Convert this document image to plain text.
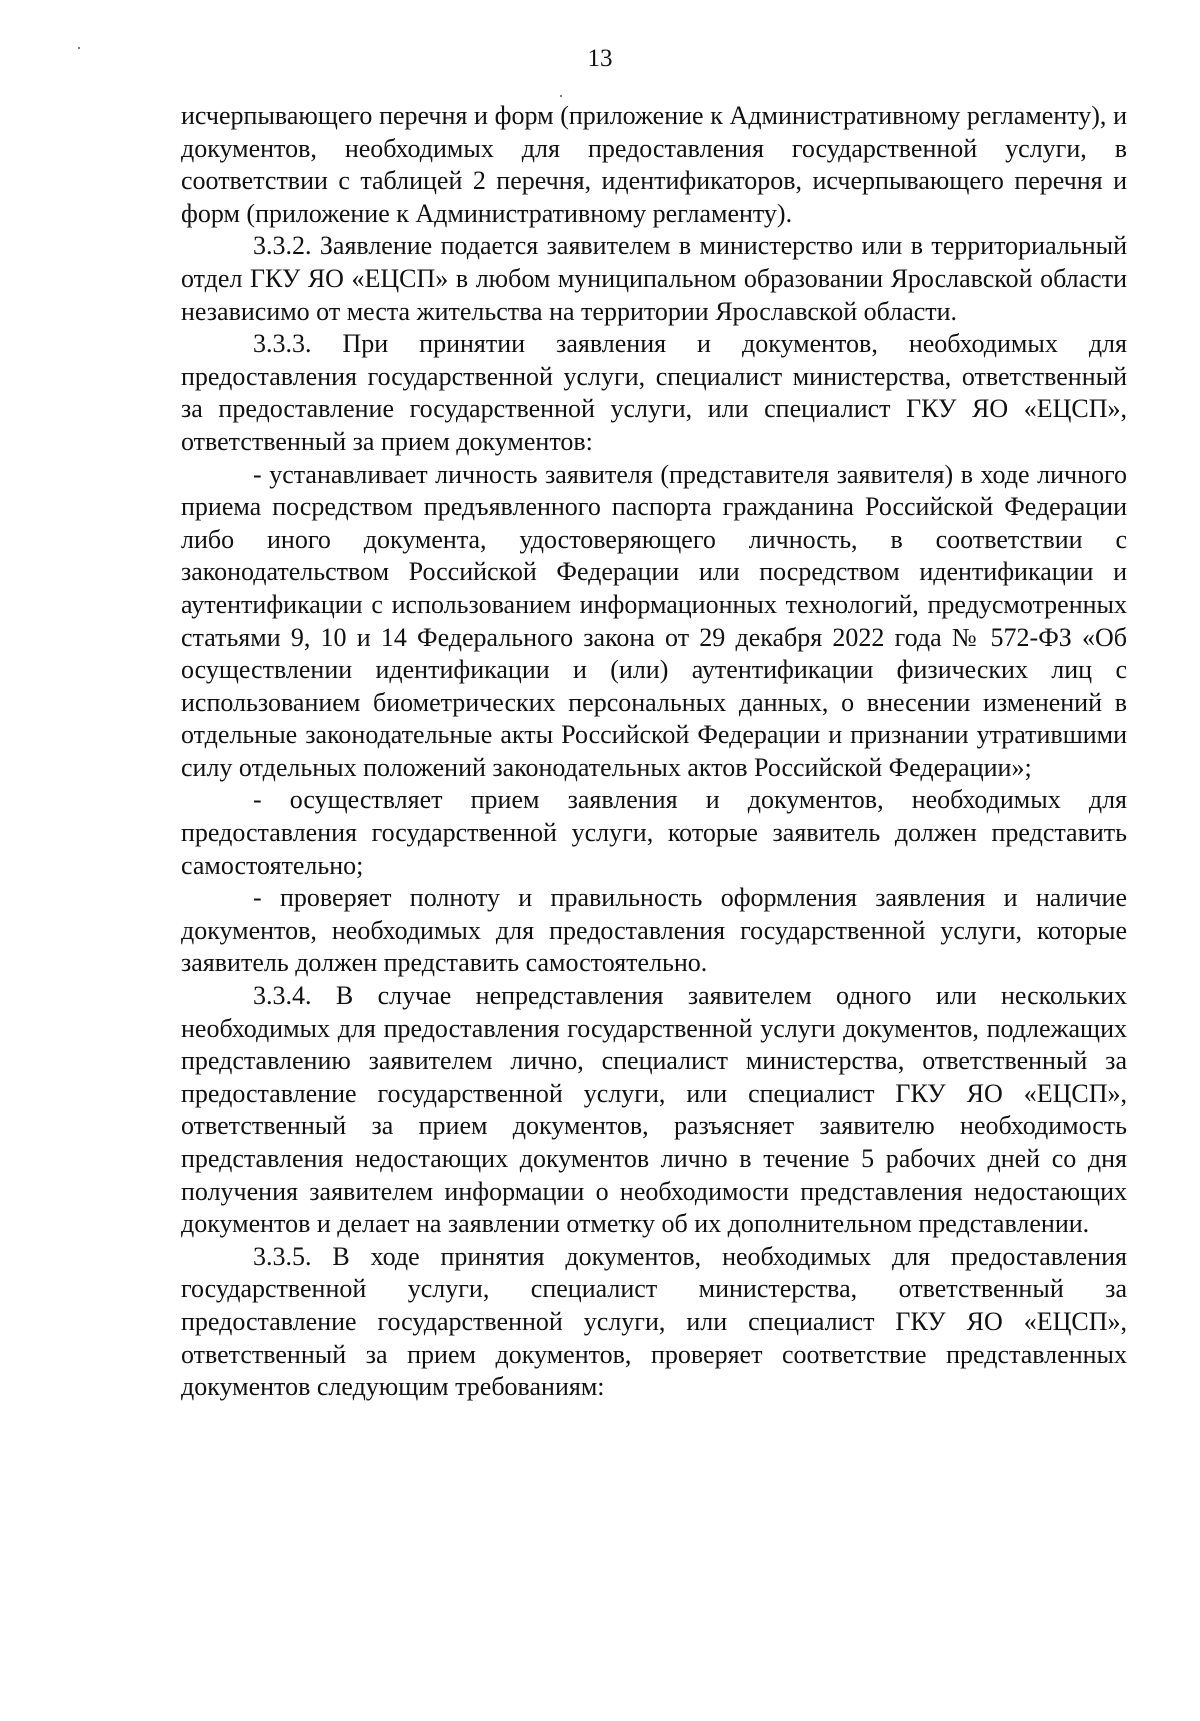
13

исчерпывающего перечня и форм (приложение к Административному регламенту), и документов, необходимых для предоставления государственной услуги, в соответствии с таблицей 2 перечня, идентификаторов, исчерпывающего перечня и форм (приложение к Административному регламенту).

3.3.2. Заявление подается заявителем в министерство или в территориальный отдел ГКУ ЯО «ЕЦСП» в любом муниципальном образовании Ярославской области независимо от места жительства на территории Ярославской области.

3.3.3. При принятии заявления и документов, необходимых для предоставления государственной услуги, специалист министерства, ответственный за предоставление государственной услуги, или специалист ГКУ ЯО «ЕЦСП», ответственный за прием документов:

- устанавливает личность заявителя (представителя заявителя) в ходе личного приема посредством предъявленного паспорта гражданина Российской Федерации либо иного документа, удостоверяющего личность, в соответствии с законодательством Российской Федерации или посредством идентификации и аутентификации с использованием информационных технологий, предусмотренных статьями 9, 10 и 14 Федерального закона от 29 декабря 2022 года № 572-ФЗ «Об осуществлении идентификации и (или) аутентификации физических лиц с использованием биометрических персональных данных, о внесении изменений в отдельные законодательные акты Российской Федерации и признании утратившими силу отдельных положений законодательных актов Российской Федерации»;

- осуществляет прием заявления и документов, необходимых для предоставления государственной услуги, которые заявитель должен представить самостоятельно;

- проверяет полноту и правильность оформления заявления и наличие документов, необходимых для предоставления государственной услуги, которые заявитель должен представить самостоятельно.

3.3.4. В случае непредставления заявителем одного или нескольких необходимых для предоставления государственной услуги документов, подлежащих представлению заявителем лично, специалист министерства, ответственный за предоставление государственной услуги, или специалист ГКУ ЯО «ЕЦСП», ответственный за прием документов, разъясняет заявителю необходимость представления недостающих документов лично в течение 5 рабочих дней со дня получения заявителем информации о необходимости представления недостающих документов и делает на заявлении отметку об их дополнительном представлении.

3.3.5. В ходе принятия документов, необходимых для предоставления государственной услуги, специалист министерства, ответственный за предоставление государственной услуги, или специалист ГКУ ЯО «ЕЦСП», ответственный за прием документов, проверяет соответствие представленных документов следующим требованиям:
